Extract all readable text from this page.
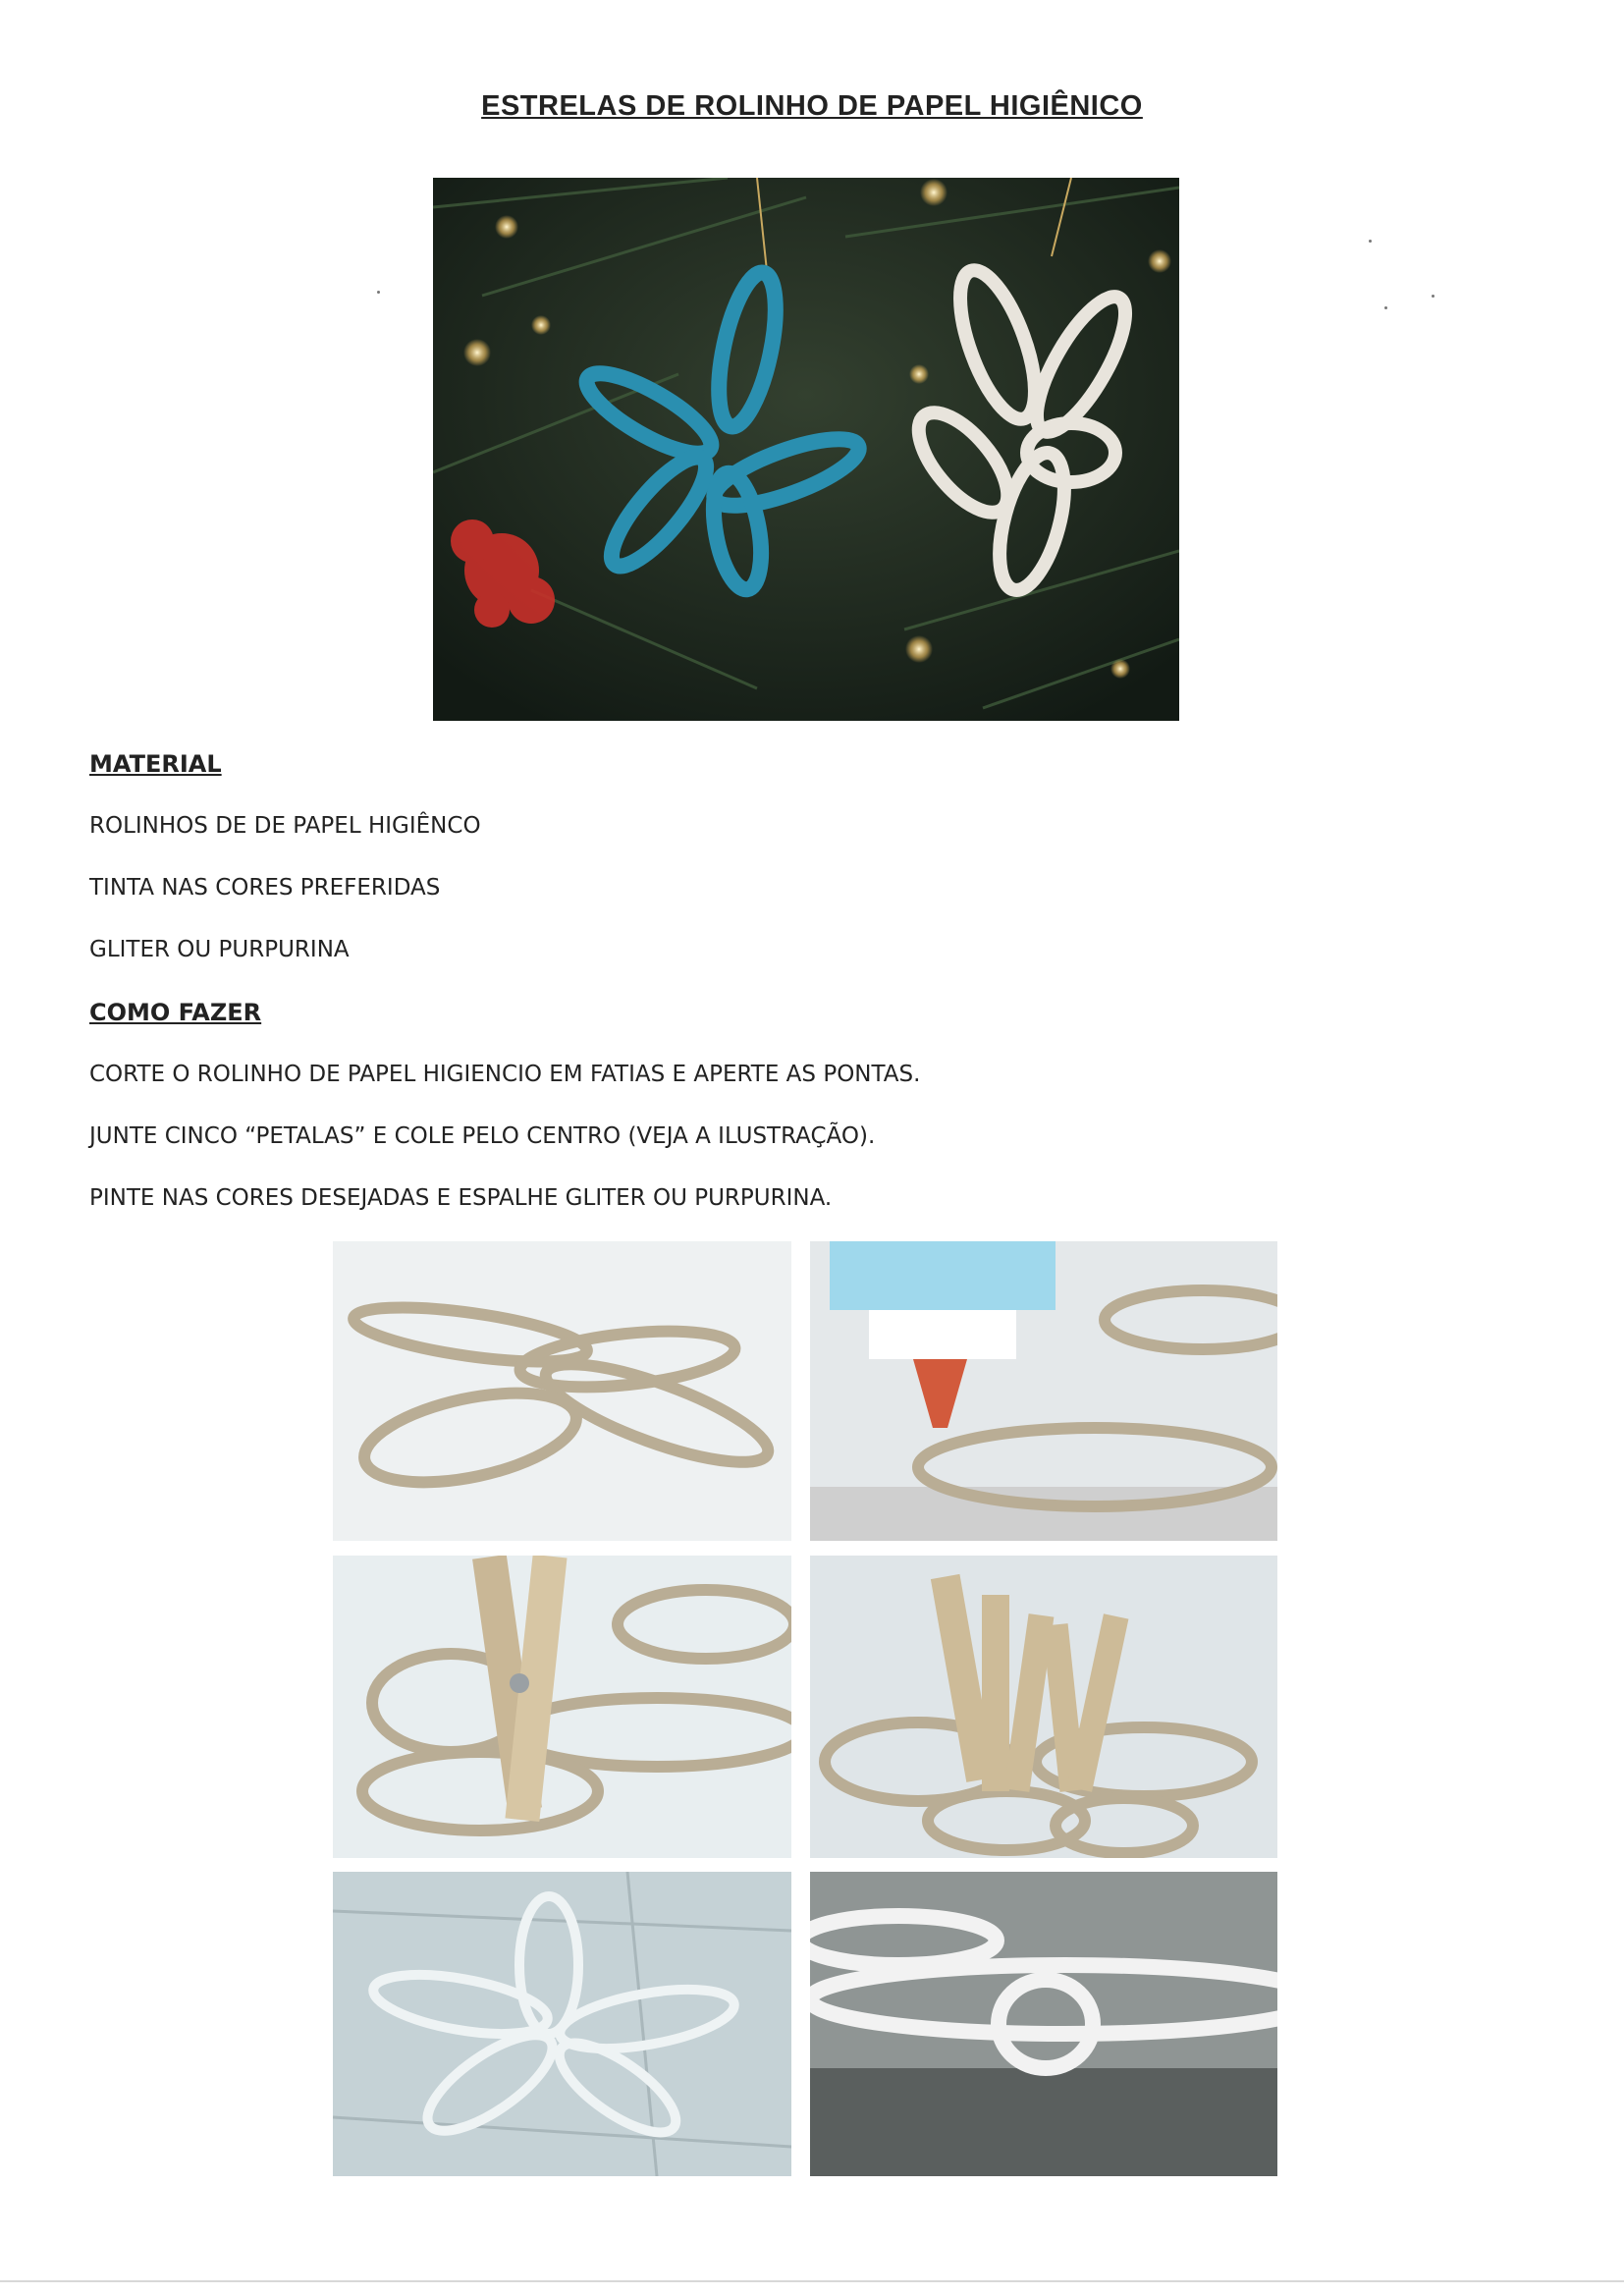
ESTRELAS DE ROLINHO DE PAPEL HIGIÊNICO
MATERIAL
ROLINHOS DE DE PAPEL HIGIÊNCO
TINTA NAS CORES PREFERIDAS
GLITER OU PURPURINA
COMO FAZER
CORTE O ROLINHO DE PAPEL HIGIENCIO EM FATIAS E APERTE AS PONTAS.
JUNTE CINCO “PETALAS” E COLE PELO CENTRO (VEJA A ILUSTRAÇÃO).
PINTE NAS CORES DESEJADAS E ESPALHE GLITER OU PURPURINA.
